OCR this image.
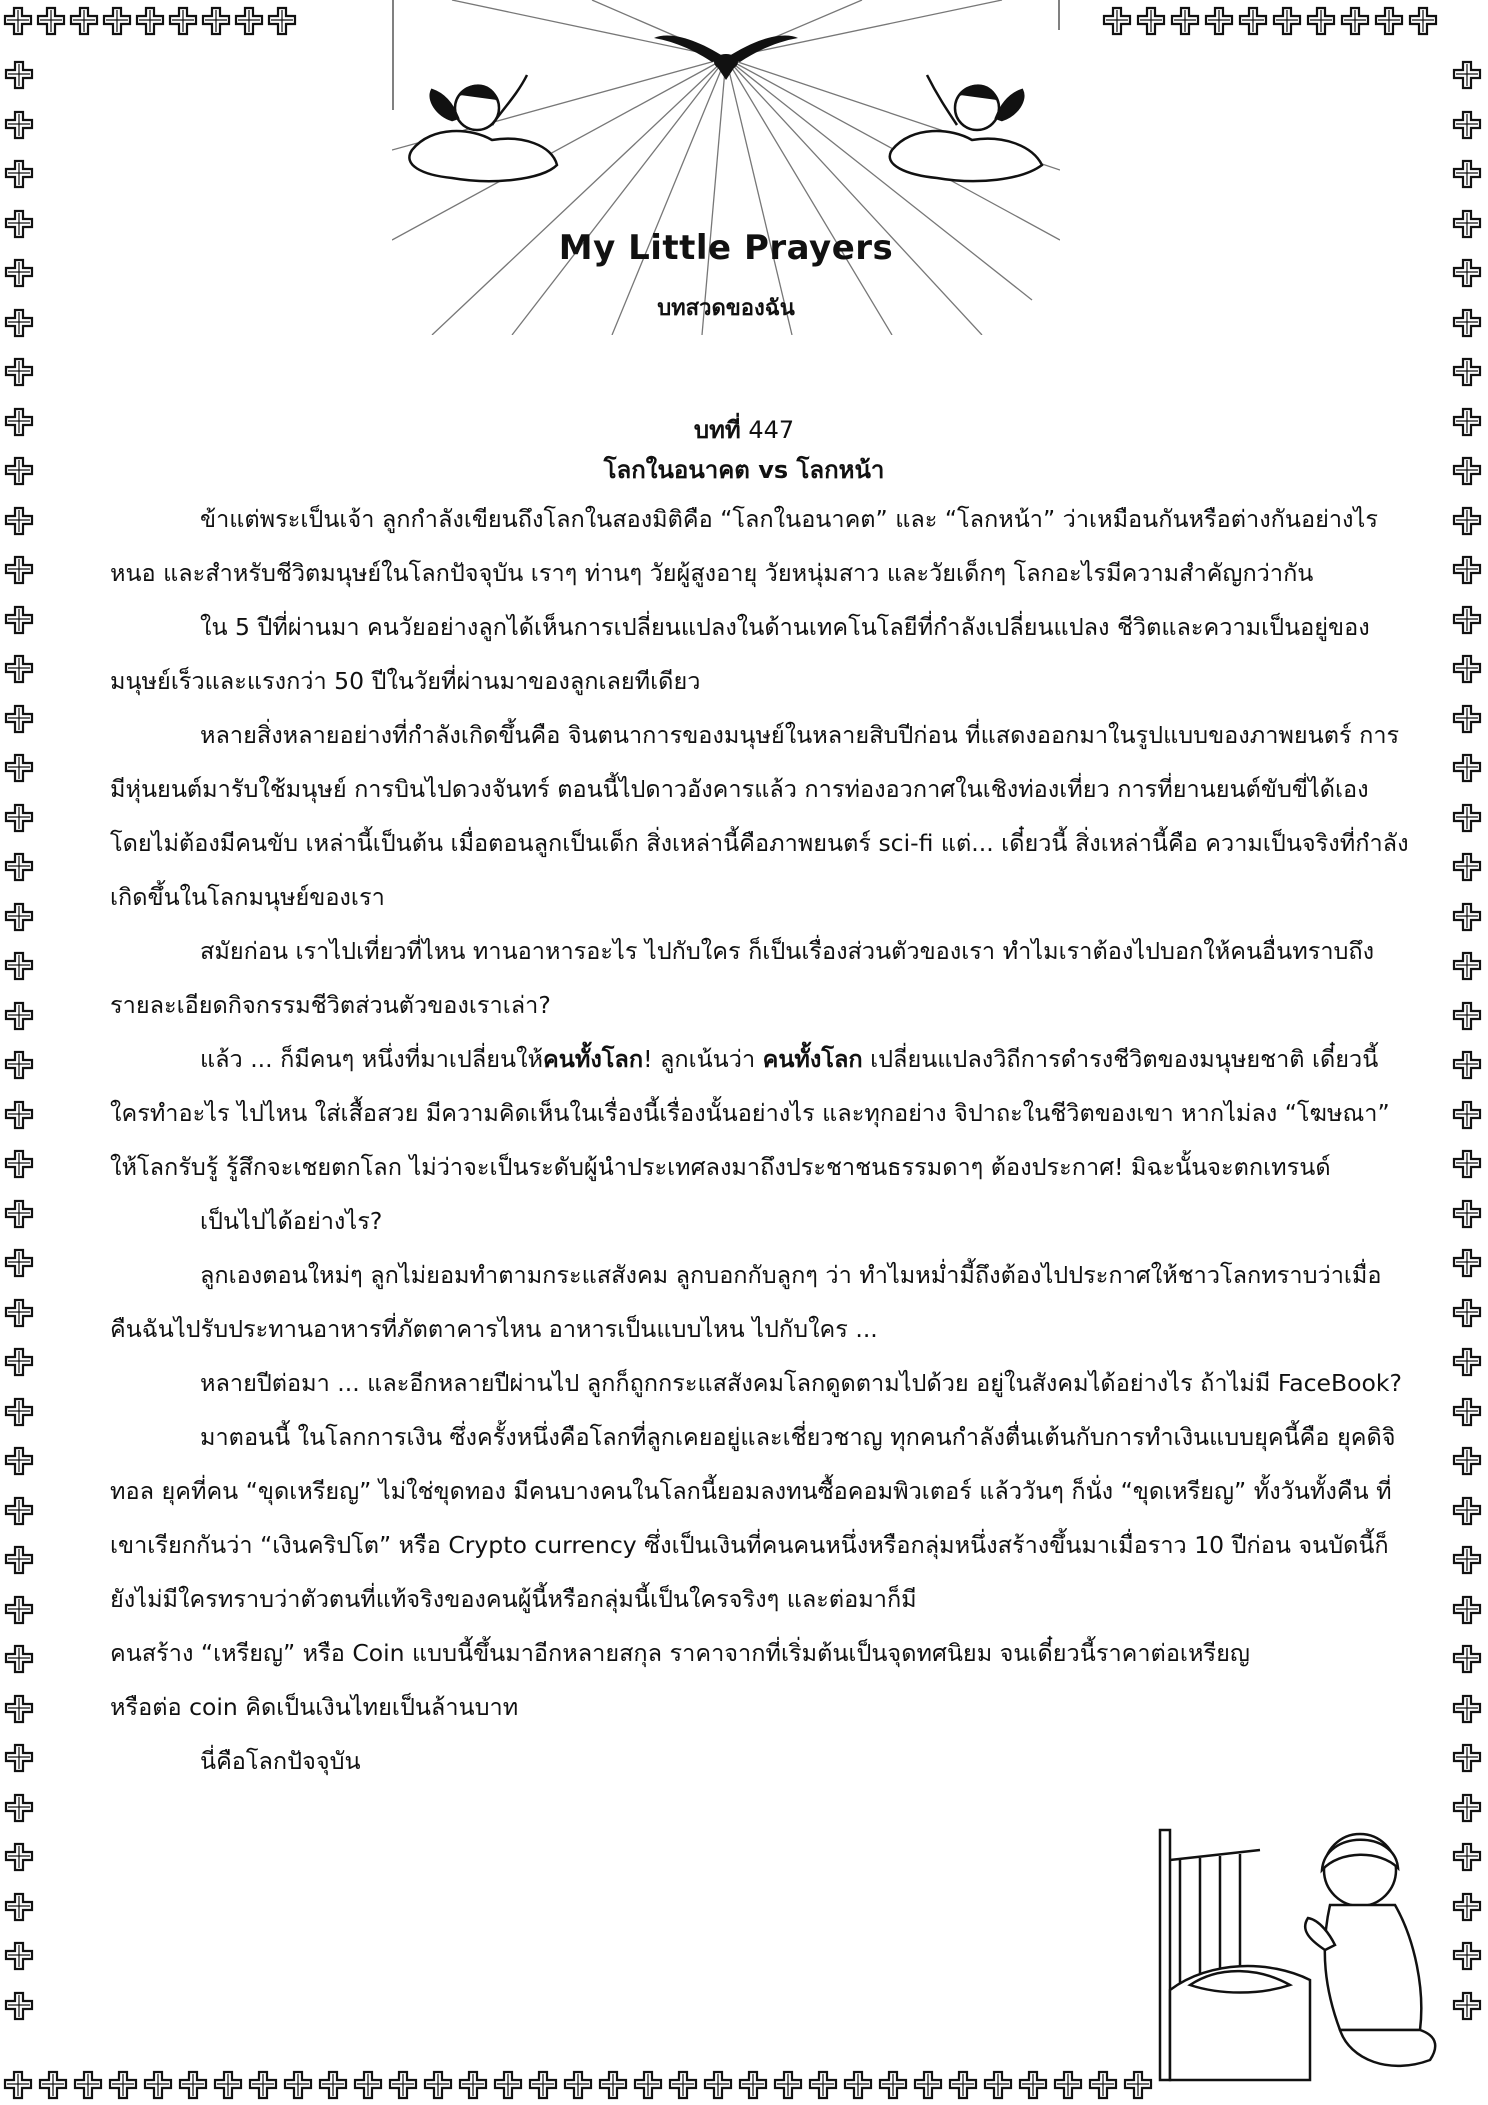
My Little Prayers
บทสวดของฉัน
บทที่ 447
โลกในอนาคต vs โลกหน้า

ข้าแต่พระเป็นเจ้า ลูกกำลังเขียนถึงโลกในสองมิติคือ “โลกในอนาคต” และ “โลกหน้า” ว่าเหมือนกันหรือต่างกันอย่างไรหนอ และสำหรับชีวิตมนุษย์ในโลกปัจจุบัน เราๆ ท่านๆ วัยผู้สูงอายุ วัยหนุ่มสาว และวัยเด็กๆ โลกอะไรมีความสำคัญกว่ากัน

ใน 5 ปีที่ผ่านมา คนวัยอย่างลูกได้เห็นการเปลี่ยนแปลงในด้านเทคโนโลยีที่กำลังเปลี่ยนแปลง ชีวิตและความเป็นอยู่ของมนุษย์เร็วและแรงกว่า 50 ปีในวัยที่ผ่านมาของลูกเลยทีเดียว

หลายสิ่งหลายอย่างที่กำลังเกิดขึ้นคือ จินตนาการของมนุษย์ในหลายสิบปีก่อน ที่แสดงออกมาในรูปแบบของภาพยนตร์ การมีหุ่นยนต์มารับใช้มนุษย์ การบินไปดวงจันทร์ ตอนนี้ไปดาวอังคารแล้ว การท่องอวกาศในเชิงท่องเที่ยว การที่ยานยนต์ขับขี่ได้เองโดยไม่ต้องมีคนขับ เหล่านี้เป็นต้น เมื่อตอนลูกเป็นเด็ก สิ่งเหล่านี้คือภาพยนตร์ sci-fi แต่... เดี๋ยวนี้ สิ่งเหล่านี้คือ ความเป็นจริงที่กำลังเกิดขึ้นในโลกมนุษย์ของเรา

สมัยก่อน เราไปเที่ยวที่ไหน ทานอาหารอะไร ไปกับใคร ก็เป็นเรื่องส่วนตัวของเรา ทำไมเราต้องไปบอกให้คนอื่นทราบถึงรายละเอียดกิจกรรมชีวิตส่วนตัวของเราเล่า?

แล้ว ... ก็มีคนๆ หนึ่งที่มาเปลี่ยนให้คนทั้งโลก! ลูกเน้นว่า คนทั้งโลก เปลี่ยนแปลงวิถีการดำรงชีวิตของมนุษยชาติ เดี๋ยวนี้ใครทำอะไร ไปไหน ใส่เสื้อสวย มีความคิดเห็นในเรื่องนี้เรื่องนั้นอย่างไร และทุกอย่าง จิปาถะในชีวิตของเขา หากไม่ลง “โฆษณา” ให้โลกรับรู้ รู้สึกจะเชยตกโลก ไม่ว่าจะเป็นระดับผู้นำประเทศลงมาถึงประชาชนธรรมดาๆ ต้องประกาศ! มิฉะนั้นจะตกเทรนด์

เป็นไปได้อย่างไร?

ลูกเองตอนใหม่ๆ ลูกไม่ยอมทำตามกระแสสังคม ลูกบอกกับลูกๆ ว่า ทำไมหม่ำมี้ถึงต้องไปประกาศให้ชาวโลกทราบว่าเมื่อคืนฉันไปรับประทานอาหารที่ภัตตาคารไหน อาหารเป็นแบบไหน ไปกับใคร ...

หลายปีต่อมา ... และอีกหลายปีผ่านไป ลูกก็ถูกกระแสสังคมโลกดูดตามไปด้วย อยู่ในสังคมได้อย่างไร ถ้าไม่มี FaceBook?

มาตอนนี้ ในโลกการเงิน ซึ่งครั้งหนึ่งคือโลกที่ลูกเคยอยู่และเชี่ยวชาญ ทุกคนกำลังตื่นเต้นกับการทำเงินแบบยุคนี้คือ ยุคดิจิทอล ยุคที่คน “ขุดเหรียญ” ไม่ใช่ขุดทอง มีคนบางคนในโลกนี้ยอมลงทนซื้อคอมพิวเตอร์ แล้ววันๆ ก็นั่ง “ขุดเหรียญ” ทั้งวันทั้งคืน ที่เขาเรียกกันว่า “เงินคริปโต” หรือ Crypto currency ซึ่งเป็นเงินที่คนคนหนึ่งหรือกลุ่มหนึ่งสร้างขึ้นมาเมื่อราว 10 ปีก่อน จนบัดนี้ก็ยังไม่มีใครทราบว่าตัวตนที่แท้จริงของคนผู้นี้หรือกลุ่มนี้เป็นใครจริงๆ และต่อมาก็มี

คนสร้าง “เหรียญ” หรือ Coin แบบนี้ขึ้นมาอีกหลายสกุล ราคาจากที่เริ่มต้นเป็นจุดทศนิยม จนเดี๋ยวนี้ราคาต่อเหรียญหรือต่อ coin คิดเป็นเงินไทยเป็นล้านบาท

นี่คือโลกปัจจุบัน
